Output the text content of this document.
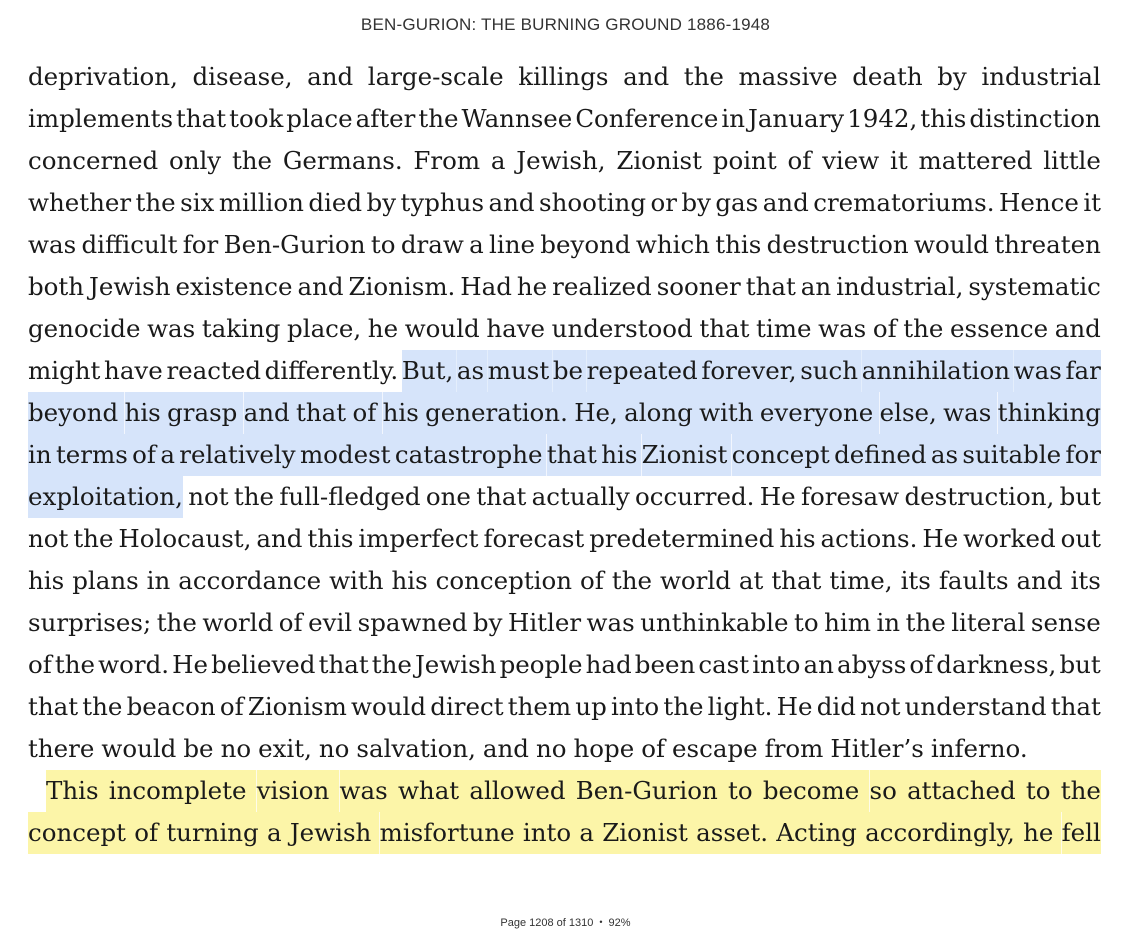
BEN-GURION: THE BURNING GROUND 1886-1948
deprivation, disease, and large-scale killings and the massive death by industrial
implements that took place after the Wannsee Conference in January 1942, this distinction
concerned only the Germans. From a Jewish, Zionist point of view it mattered little
whether the six million died by typhus and shooting or by gas and crematoriums. Hence it
was difficult for Ben-Gurion to draw a line beyond which this destruction would threaten
both Jewish existence and Zionism. Had he realized sooner that an industrial, systematic
genocide was taking place, he would have understood that time was of the essence and
might have reacted differently. But, as must be repeated forever, such annihilation was far
beyond his grasp and that of his generation. He, along with everyone else, was thinking
in terms of a relatively modest catastrophe that his Zionist concept defined as suitable for
exploitation, not the full-fledged one that actually occurred. He foresaw destruction, but
not the Holocaust, and this imperfect forecast predetermined his actions. He worked out
his plans in accordance with his conception of the world at that time, its faults and its
surprises; the world of evil spawned by Hitler was unthinkable to him in the literal sense
of the word. He believed that the Jewish people had been cast into an abyss of darkness, but
that the beacon of Zionism would direct them up into the light. He did not understand that
there would be no exit, no salvation, and no hope of escape from Hitler’s inferno.
This incomplete vision was what allowed Ben-Gurion to become so attached to the
concept of turning a Jewish misfortune into a Zionist asset. Acting accordingly, he fell
Page 1208 of 1310 • 92%
